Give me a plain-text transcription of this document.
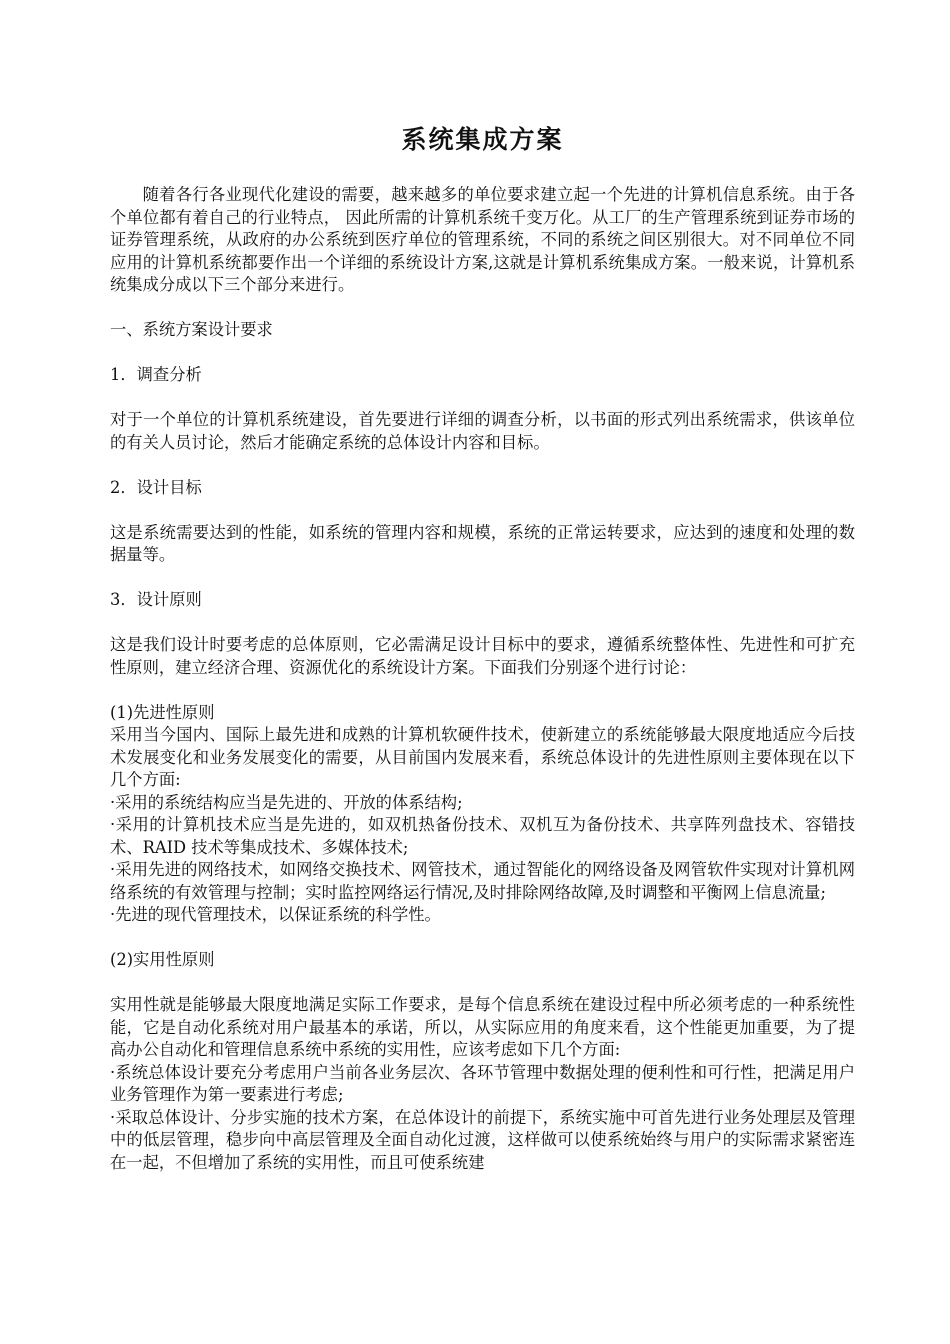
系统集成方案

随着各行各业现代化建设的需要，越来越多的单位要求建立起一个先进的计算机信息系统。由于各个单位都有着自己的行业特点， 因此所需的计算机系统千变万化。从工厂的生产管理系统到证券市场的证券管理系统，从政府的办公系统到医疗单位的管理系统，不同的系统之间区别很大。对不同单位不同应用的计算机系统都要作出一个详细的系统设计方案,这就是计算机系统集成方案。一般来说，计算机系统集成分成以下三个部分来进行。

一、系统方案设计要求

1．调查分析

对于一个单位的计算机系统建设，首先要进行详细的调查分析，以书面的形式列出系统需求，供该单位的有关人员讨论，然后才能确定系统的总体设计内容和目标。

2．设计目标

这是系统需要达到的性能，如系统的管理内容和规模，系统的正常运转要求，应达到的速度和处理的数据量等。

3．设计原则

这是我们设计时要考虑的总体原则，它必需满足设计目标中的要求，遵循系统整体性、先进性和可扩充性原则，建立经济合理、资源优化的系统设计方案。下面我们分别逐个进行讨论：

(1)先进性原则

采用当今国内、国际上最先进和成熟的计算机软硬件技术，使新建立的系统能够最大限度地适应今后技术发展变化和业务发展变化的需要，从目前国内发展来看，系统总体设计的先进性原则主要体现在以下几个方面:

·采用的系统结构应当是先进的、开放的体系结构;

·采用的计算机技术应当是先进的，如双机热备份技术、双机互为备份技术、共享阵列盘技术、容错技术、RAID 技术等集成技术、多媒体技术;

·采用先进的网络技术，如网络交换技术、网管技术，通过智能化的网络设备及网管软件实现对计算机网络系统的有效管理与控制；实时监控网络运行情况,及时排除网络故障,及时调整和平衡网上信息流量;

·先进的现代管理技术，以保证系统的科学性。

(2)实用性原则

实用性就是能够最大限度地满足实际工作要求，是每个信息系统在建设过程中所必须考虑的一种系统性能，它是自动化系统对用户最基本的承诺，所以，从实际应用的角度来看，这个性能更加重要，为了提高办公自动化和管理信息系统中系统的实用性，应该考虑如下几个方面:

·系统总体设计要充分考虑用户当前各业务层次、各环节管理中数据处理的便利性和可行性，把满足用户业务管理作为第一要素进行考虑;

·采取总体设计、分步实施的技术方案，在总体设计的前提下，系统实施中可首先进行业务处理层及管理中的低层管理，稳步向中高层管理及全面自动化过渡，这样做可以使系统始终与用户的实际需求紧密连在一起，不但增加了系统的实用性，而且可使系统建
